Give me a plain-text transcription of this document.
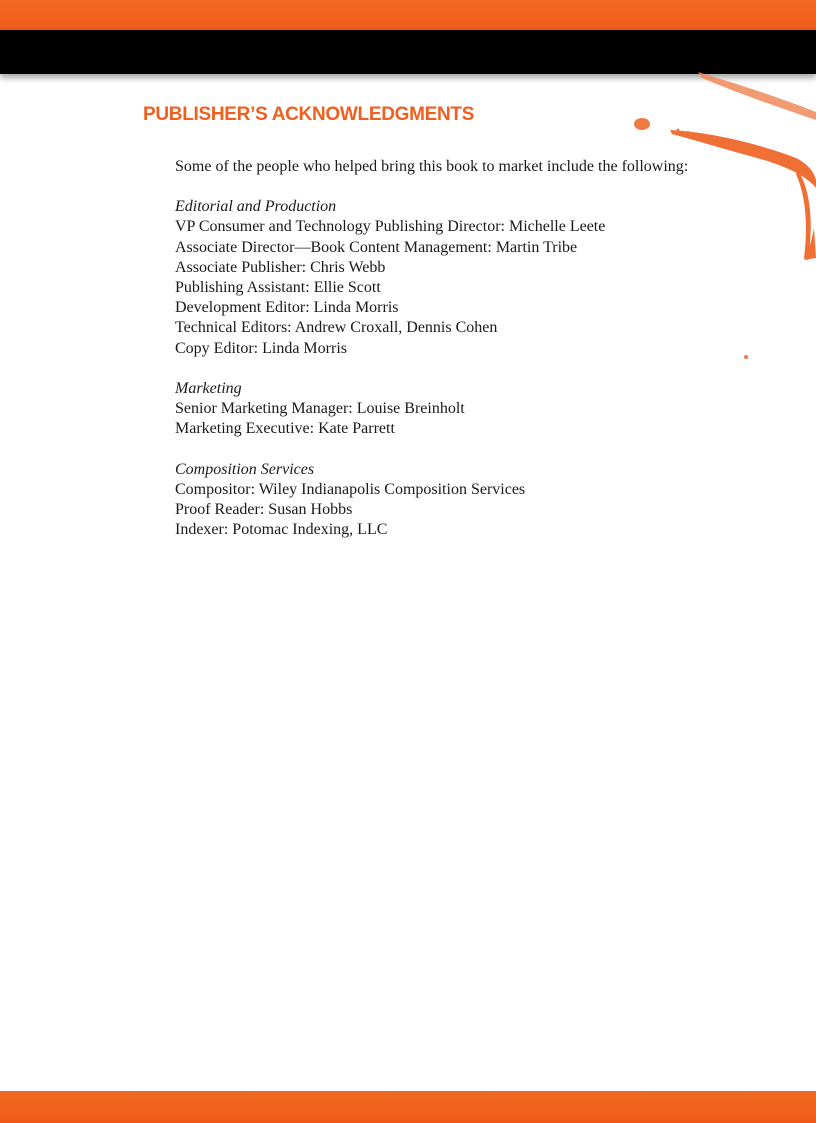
PUBLISHER’S ACKNOWLEDGMENTS

Some of the people who helped bring this book to market include the following:

Editorial and Production
VP Consumer and Technology Publishing Director: Michelle Leete
Associate Director—Book Content Management: Martin Tribe
Associate Publisher: Chris Webb
Publishing Assistant: Ellie Scott
Development Editor: Linda Morris
Technical Editors: Andrew Croxall, Dennis Cohen
Copy Editor: Linda Morris
Marketing
Senior Marketing Manager: Louise Breinholt
Marketing Executive: Kate Parrett
Composition Services
Compositor: Wiley Indianapolis Composition Services
Proof Reader: Susan Hobbs
Indexer: Potomac Indexing, LLC
